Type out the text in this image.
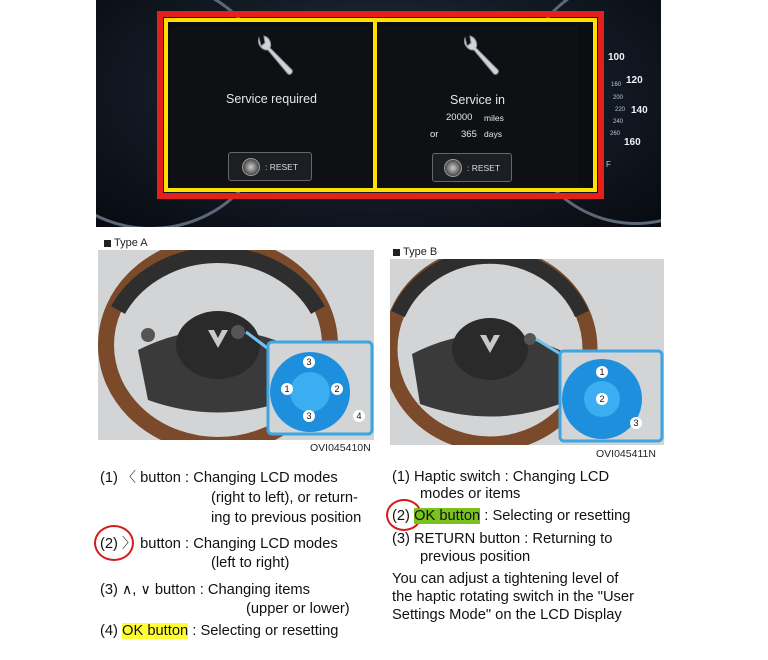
100
120
140
160
160
200
220
240
260
F
Service required
: RESET
Service in
20000 miles
or 365 days
: RESET
Type A
1	2
3
3	4
OVI045410N
Type B
1
2
3
OVI045411N
(1) 〈 button : Changing LCD modes
(right to left), or return-
ing to previous position
(2) 〉 button : Changing LCD modes
(left to right)
(3) ∧, ∨ button : Changing items
(upper or lower)
(4) OK button : Selecting or resetting
(1) Haptic switch : Changing LCD
modes or items
(2) OK button : Selecting or resetting
(3) RETURN button : Returning to
previous position
You can adjust a tightening level of
the haptic rotating switch in the "User
Settings Mode" on the LCD Display
